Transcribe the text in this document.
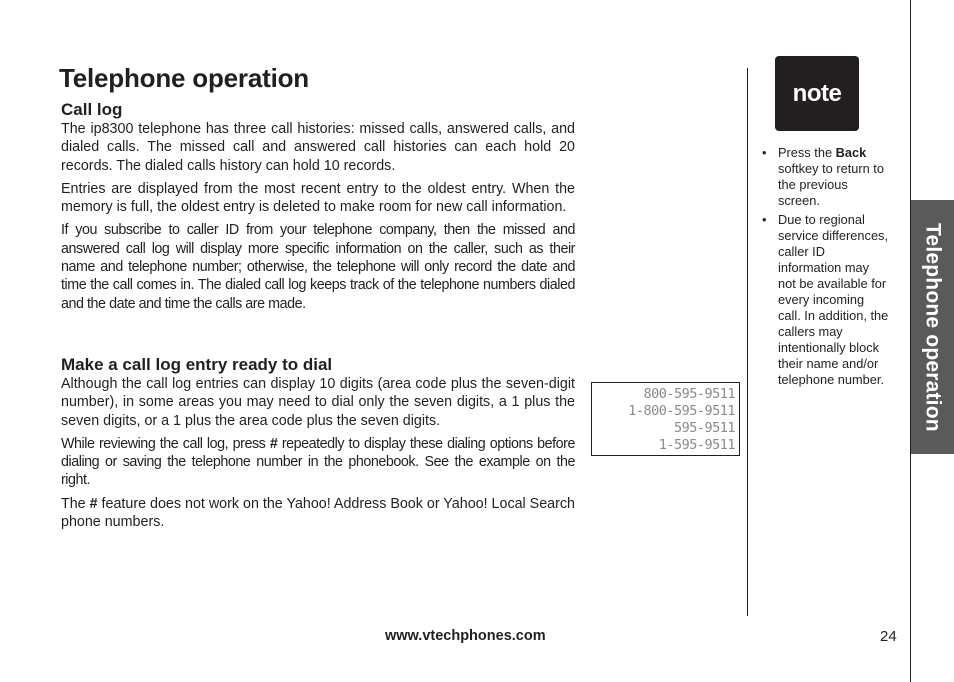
Telephone operation
Telephone operation
Call log

The ip8300 telephone has three call histories: missed calls, answered calls, and dialed calls. The missed call and answered call histories can each hold 20 records. The dialed calls history can hold 10 records.

Entries are displayed from the most recent entry to the oldest entry. When the memory is full, the oldest entry is deleted to make room for new call information.

If you subscribe to caller ID from your telephone company, then the missed and answered call log will display more specific information on the caller, such as their name and telephone number; otherwise, the telephone will only record the date and time the call comes in. The dialed call log keeps track of the telephone numbers dialed and the date and time the calls are made.

Make a call log entry ready to dial

Although the call log entries can display 10 digits (area code plus the seven-digit number), in some areas you may need to dial only the seven digits, a 1 plus the seven digits, or a 1 plus the area code plus the seven digits.

While reviewing the call log, press # repeatedly to display these dialing options before dialing or saving the telephone number in the phonebook. See the example on the right.

The # feature does not work on the Yahoo! Address Book or Yahoo! Local Search phone numbers.

800-595-9511
1-800-595-9511
595-9511
1-595-9511
note
• Press the Back softkey to return to the previous screen.
• Due to regional service differences, caller ID information may not be available for every incoming call. In addition, the callers may intentionally block their name and/or telephone number.
www.vtechphones.com	24
